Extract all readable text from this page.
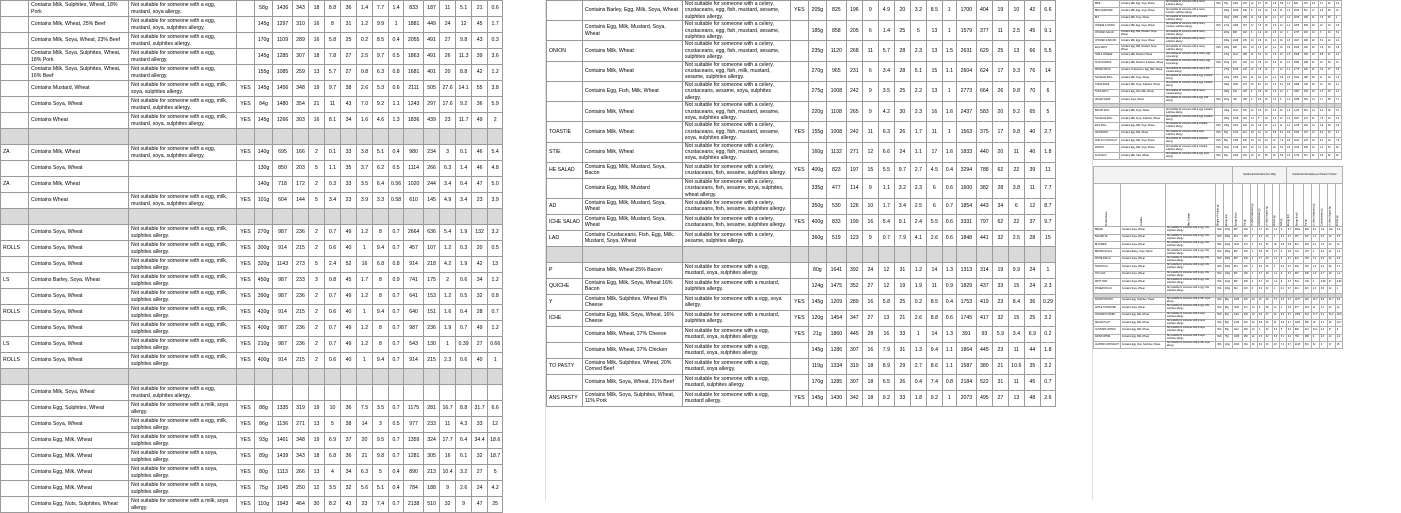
	Contains Milk, Sulphites, Wheat, 18% Pork	Not suitable for someone with a egg, mustard, soya allergy.		58g	1436	343	18	8.8	36	1.4	7.7	1.4	833	187	11	5.1	21	0.6
	Contains Milk, Wheat, 25% Beef	Not suitable for someone with a egg, mustard, soya, sulphites allergy.		145g	1297	310	16	8	31	1.2	9.9	1	1881	449	24	12	45	1.7
	Contains Milk, Soya, Wheat, 23% Beef	Not suitable for someone with a egg, mustard, sulphites allergy.		170g	1109	289	16	5.8	25	0.2	8.5	0.4	2055	491	27	9.8	43	0.3
	Contains Milk, Soya, Sulphites, Wheat, 18% Pork	Not suitable for someone with a egg, mustard allergy.		145g	1285	307	18	7.8	27	2.5	9.7	0.5	1863	491	26	11.3	39	3.6
	Contains Milk, Soya, Sulphites, Wheat, 16% Beef	Not suitable for someone with a egg, mustard allergy.		155g	1085	259	13	5.7	27	0.8	6.3	0.8	1681	401	20	8.8	42	1.2
	Contains Mustard, Wheat	Not suitable for someone with a egg, milk, soya, sulphites allergy.	YES	145g	1456	348	19	9.7	38	2.6	5.3	0.6	2111	505	27.6	14.1	55	3.8
	Contains Soya, Wheat	Not suitable for someone with a egg, milk, mustard, sulphites allergy.	YES	84g	1480	354	21	11	43	7.0	9.2	1.1	1243	297	17.6	9.2	36	5.9
	Contains Wheat	Not suitable for someone with a egg, milk, mustard, soya, sulphites allergy.	YES	145g	1266	303	16	8.1	34	1.6	4.6	1.3	1836	439	23	11.7	49	2

ZA	Contains Milk, Wheat	Not suitable for someone with a egg, mustard, soya, sulphites allergy.	YES	140g	695	166	2	0.1	33	3.8	5.1	0.4	980	234	3	0.1	46	5.4
	Contains Soya, Wheat			130g	850	203	5	1.1	35	3.7	6.2	0.5	1114	266	6.3	1.4	46	4.8
ZA	Contains Milk, Wheat			140g	718	172	2	0.3	33	3.5	6.4	0.56	1020	244	3.4	0.4	47	5.0
	Contains Wheat	Not suitable for someone with a egg, milk, mustard, soya, sulphites allergy.	YES	101g	604	144	5	3.4	23	3.9	3.3	0.58	610	145	4.9	3.4	23	3.9

	Contains Soya, Wheat	Not suitable for someone with a egg, milk, sulphites allergy.	YES	270g	987	236	2	0.7	49	1.2	8	0.7	2664	636	5.4	1.9	132	3.2
ROLLS	Contains Soya, Wheat	Not suitable for someone with a egg, milk, sulphites allergy.	YES	300g	914	215	2	0.6	40	1	9.4	0.7	457	107	1.2	0.3	20	0.5
	Contains Soya, Wheat	Not suitable for someone with a egg, milk, sulphites allergy.	YES	320g	1143	273	5	2.4	52	16	6.8	0.8	914	218	4.2	1.9	42	13
LS	Contains Barley, Soya, Wheat	Not suitable for someone with a egg, milk, sulphites allergy.	YES	450g	987	233	3	0.8	45	1.7	8	0.9	741	175	2	0.6	34	1.2
	Contains Soya, Wheat	Not suitable for someone with a egg, milk, sulphites allergy.	YES	390g	987	236	2	0.7	49	1.2	8	0.7	641	153	1.2	0.5	32	0.8
ROLLS	Contains Soya, Wheat	Not suitable for someone with a egg, milk, sulphites allergy.	YES	420g	914	215	2	0.6	40	1	9.4	0.7	640	151	1.6	0.4	28	0.7
	Contains Soya, Wheat	Not suitable for someone with a egg, milk, sulphites allergy.	YES	400g	987	236	2	0.7	49	1.2	8	0.7	987	236	1.9	0.7	49	1.2
LS	Contains Soya, Wheat	Not suitable for someone with a egg, milk, sulphites allergy.	YES	210g	987	236	2	0.7	49	1.2	8	0.7	543	130	1	0.39	27	0.66
ROLLS	Contains Soya, Wheat	Not suitable for someone with a egg, milk, sulphites allergy.	YES	400g	914	215	2	0.6	40	1	9.4	0.7	914	215	2.3	0.6	40	1

	Contains Milk, Soya, Wheat	Not suitable for someone with a egg, mustard, sulphites allergy.																
	Contains Egg, Sulphites, Wheat	Not suitable for someone with a milk, soya allergy.	YES	88g	1335	319	19	10	36	7.5	3.5	0.7	1175	281	16.7	8.8	31.7	6.6
	Contains Soya, Wheat	Not suitable for someone with a egg, milk, sulphites allergy.	YES	86g	1136	271	13	5	38	14	3	0.5	977	233	11	4.3	33	12
	Contains Egg, Milk, Wheat	Not suitable for someone with a soya, sulphites allergy.	YES	93g	1461	348	19	6.9	37	20	9.5	0.7	1359	324	17.7	6.4	34.4	18.6
	Contains Egg, Milk, Wheat	Not suitable for someone with a soya, sulphites allergy.	YES	89g	1439	343	18	6.8	36	21	9.8	0.7	1281	305	16	6.1	32	18.7
	Contains Egg, Milk, Wheat	Not suitable for someone with a soya, sulphites allergy.	YES	80g	1113	266	13	4	34	6.3	5	0.4	890	213	10.4	3.2	27	5
	Contains Egg, Milk, Wheat	Not suitable for someone with a soya, sulphites allergy.	YES	75g	1045	250	12	3.5	32	5.6	5.1	0.4	784	188	9	2.6	24	4.2
	Contains Egg, Nuts, Sulphites, Wheat	Not suitable for someone with a milk, soya allergy.	YES	110g	1943	464	30	8.2	43	23	7.4	0.7	2138	510	32	9	47	25
	Contains Barley, Egg, Milk, Soya, Wheat	Not suitable for someone with a celery, crustaceans, egg, fish, mustard, sesame, sulphites allergy.	YES	205g	825	196	9	4.9	20	3.2	8.5	1	1700	404	19	10	42	6.6
	Contains Egg, Milk, Mustard, Soya, Wheat	Not suitable for someone with a celery, crustaceans, egg, fish, mustard, sesame, sulphites allergy.		185g	858	205	6	1.4	25	5	13	1	1579	377	11	2.5	45	9.1
ONION	Contains Milk, Wheat	Not suitable for someone with a celery, crustaceans, egg, fish, mustard, sesame, sulphites allergy.		235g	1120	268	11	5.7	28	2.3	13	1.5	2631	629	25	13	66	5.5
	Contains Milk, Wheat	Not suitable for someone with a celery, crustaceans, egg, fish, milk, mustard, sesame, sulphites allergy.		270g	965	231	6	3.4	28	5.1	15	1.1	2604	624	17	9.3	76	14
	Contains Egg, Fish, Milk, Wheat	Not suitable for someone with a celery, crustaceans, sesame, soya, sulphites allergy.		275g	1008	242	9	3.5	25	2.2	13	1	2773	664	26	9.8	70	6
	Contains Milk, Wheat	Not suitable for someone with a celery, crustaceans, egg, fish, mustard, sesame, soya, sulphites allergy.		220g	1108	265	9	4.2	30	2.3	16	1.6	2437	583	20	9.2	65	5
TOASTIE	Contains Milk, Wheat	Not suitable for someone with a celery, crustaceans, egg, fish, mustard, sesame, soya, sulphites allergy.	YES	155g	1008	242	11	6.3	26	1.7	11	1	1563	375	17	9.8	40	2.7
STIE	Contains Milk, Wheat	Not suitable for someone with a celery, crustaceans, egg, fish, mustard, sesame, soya, sulphites allergy.		160g	1132	271	12	6.6	24	1.1	17	1.6	1833	440	20	11	40	1.8
HE SALAD	Contains Egg, Milk, Mustard, Soya, Bacon	Not suitable for someone with a celery, crustaceans, fish, sesame, sulphites allergy.	YES	400g	823	197	15	5.5	9.7	2.7	4.5	0.4	3294	788	62	22	39	11
	Contains Egg, Milk, Mustard	Not suitable for someone with a celery, crustaceans, fish, sesame, soya, sulphites, wheat allergy.		335g	477	114	9	1.1	3.2	2.3	6	0.6	1600	382	28	3.8	11	7.7
AD	Contains Egg, Milk, Mustard, Soya, Wheat	Not suitable for someone with a celery, crustaceans, fish, sesame, sulphites allergy.		350g	530	126	10	1.7	3.4	2.5	6	0.7	1854	443	34	6	12	8.7
ICHE SALAD	Contains Egg, Milk, Mustard, Soya, Wheat	Not suitable for someone with a celery, crustaceans, fish, sesame, sulphites allergy.	YES	400g	833	199	16	5.4	9.1	2.4	5.5	0.6	3331	797	62	22	37	9.7
LAD	Contains Crustaceans, Fish, Egg, Milk, Mustard, Soya, Wheat	Not suitable for someone with a celery, sesame, sulphites allergy.		360g	519	123	9	0.7	7.9	4.1	2.6	0.6	1848	441	32	2.5	28	15

P	Contains Milk, Wheat 25% Bacon	Not suitable for someone with a egg, mustard, soya, sulphites allergy.		80g	1641	392	24	12	31	1.2	14	1.3	1313	314	19	9.9	24	1
QUICHE	Contains Egg, Milk, Soya, Wheat 16% Bacon	Not suitable for someone with a mustard, sulphites allergy.		124g	1475	352	27	12	19	1.9	11	0.9	1829	437	33	15	24	2.3
Y	Contains Milk, Sulphites, Wheat 8% Cheese	Not suitable for someone with a egg, soya allergy.	YES	145g	1209	289	16	5.8	25	0.2	8.5	0.4	1753	419	23	8.4	36	0.29
ICHE	Contains Egg, Milk, Soya, Wheat, 16% Cheese	Not suitable for someone with a mustard, sulphites allergy.	YES	120g	1454	347	27	13	21	2.6	8.8	0.6	1745	417	32	15	25	3.2
	Contains Milk, Wheat, 27% Cheese	Not suitable for someone with a egg, mustard, soya, sulphites allergy.	YES	21g	1860	445	28	16	33	1	14	1.3	391	93	5.9	3.4	6.9	0.2
	Contains Milk, Wheat, 27% Chicken	Not suitable for someone with a egg, mustard, soya, sulphites allergy.		145g	1286	307	16	7.9	31	1.3	9.4	1.1	1864	445	23	11	44	1.8
TO PASTY	Contains Milk, Sulphites, Wheat, 20% Corned Beef	Not suitable for someone with a egg, mustard, soya allergy.		119g	1334	319	18	8.9	29	2.7	8.6	1.1	1587	380	21	10.6	35	3.2
	Contains Milk, Soya, Wheat, 21% Beef	Not suitable for someone with a egg, mustard, sulphites allergy.		170g	1285	307	18	6.5	26	0.4	7.4	0.8	2184	522	31	11	45	0.7
ANS PASTY	Contains Milk, Soya, Sulphites, Wheat, 11% Pork	Not suitable for someone with a egg, mustard allergy.	YES	145g	1430	342	18	9.2	33	1.8	9.2	1	2073	495	27	13	48	2.6
BRIE	Contains Milk, Egg, Soya, Wheat	Not suitable for someone with a celery, sulphites allergy.	YES	78g	1061	253	12	4.7	26	2.8	8.8	1.4	828	197	9.4	3.7	20	2.2
BBQ MARINADE	Contains Milk, Egg, Soya, Wheat	Not suitable for someone with a celery, mustard, sulphites allergy.		206g	1046	248	8	2.2	33	4.9	11	1.3	2155	511	17	4.5	68	10
BLT	Contains Milk, Soya, Wheat	Not suitable for someone with a mustard, sulphites allergy.		192g	1081	258	11	3.9	26	2.1	13	1.4	2076	495	21	7.5	50	4
CHEESE & ONION	Contains Milk, Egg, Soya, Wheat	Not suitable for someone with a celery, mustard, sulphites allergy.	YES	172g	1282	307	17	7.3	25	2.6	12	1.4	2205	529	29	13	43	4.5
CHICKEN SALAD	Contains Egg, Milk, Mustard, Soya, Wheat	Not suitable for someone with a celery, sulphites allergy.		215g	808	193	6	1.4	20	2.5	13	1	1737	415	13	3	43	5.4
CHICKEN & BACON	Contains Milk, Egg, Soya, Wheat	Not suitable for someone with a celery, sulphites allergy.		199g	1029	245	10	2.6	21	2.1	16	1.5	2047	488	20	5.2	42	4.2
EGG MAYO	Contains Egg, Milk, Mustard, Soya, Wheat	Not suitable for someone with a celery, sulphites allergy.	YES	182g	906	216	10	1.9	20	2.1	10	0.8	1649	393	18	3.5	36	3.8
HAM & CHEESE	Contains Milk, Mustard, Wheat	Not suitable for someone with a celery, egg, soya allergy.		170g	1121	268	11	5.2	24	1.9	16	1.8	1906	456	19	8.8	41	3.2
PLOUGHMANS	Contains Milk, Mustard, Sulphites, Wheat	Not suitable for someone with a celery, egg, soya allergy.	YES	210g	976	233	10	4.8	24	6.2	11	1.3	2050	489	21	10	50	13
PRAWN MAYO	Contains Crustaceans, Egg, Milk, Wheat	Not suitable for someone with a celery, fish, mustard allergy.		175g	1015	243	12	1.8	21	2	12	1.1	1776	425	21	3.2	37	3.5
SAUSAGE ROLL	Contains Milk, Soya, Wheat	Not suitable for someone with a egg, mustard allergy.		120g	1352	323	21	9.4	24	1.1	9.9	1.5	1622	388	25	11	29	1.3
STEAK BAKE	Contains Milk, Soya, Sulphites, Wheat	Not suitable for someone with a egg, mustard allergy.		160g	1166	279	16	8.1	24	1.3	9.1	0.9	1866	446	26	13	38	2.1
TUNA MAYO	Contains Egg, Fish, Milk, Wheat	Not suitable for someone with a celery, mustard allergy.		180g	943	225	9	1.5	20	2.3	14	1	1697	405	16	2.7	36	4.1
VEGAN WRAP	Contains Soya, Wheat	Not suitable for someone with a egg, milk allergy.	YES	210g	780	186	6	0.8	26	3.4	6	1.2	1638	391	13	1.7	55	7.1

BACON ROLL	Contains Milk, Soya, Wheat	Not suitable for someone with a egg, mustard, sulphites allergy.		130g	1131	270	10	3.8	30	2.4	15	1.9	1470	351	13	4.9	39	3.1
SAUSAGE ROLL	Contains Milk, Soya, Sulphites, Wheat	Not suitable for someone with a egg, mustard allergy.		150g	1218	291	14	5	29	2.2	12	1.6	1827	437	21	7.5	44	3.3
EGG ROLL	Contains Egg, Milk, Soya, Wheat	Not suitable for someone with a mustard, sulphites allergy.	YES	135g	1021	244	10	2.9	27	2.1	11	1.2	1378	329	14	3.9	36	2.8
CROISSANT	Contains Egg, Milk, Wheat	Not suitable for someone with a soya, sulphites allergy.	YES	60g	1720	412	23	14	42	6.8	8.1	0.9	1032	247	14	8.4	25	4.1
PAIN AU CHOCOLAT	Contains Egg, Milk, Soya, Wheat	Not suitable for someone with a sulphites allergy.	YES	65g	1788	428	24	14	44	12	7.9	0.8	1162	278	16	9.1	29	7.8
MUFFIN	Contains Egg, Milk, Soya, Wheat	Not suitable for someone with a mustard, sulphites allergy.	YES	110g	1739	416	22	3.1	49	29	5.3	0.8	1913	458	24	3.4	54	32
FLAPJACK	Contains Milk, Oats, Wheat	Not suitable for someone with a egg, soya allergy.	YES	90g	1936	463	23	11	58	32	5.6	0.3	1742	417	21	9.9	52	29
					Nutritional Information Per 100g							Nutritional Information per Product / Portion						

Product Name	Contains	May Contain	Weight of Product (g)	Energy (kJ)	Energy (kcal)	Fat (g)	of which Saturates (g)	Carbohydrate (g)	of which Sugars (g)	Protein (g)	Salt (g)	Energy (kJ)	Energy (kcal)	Fat (g)	of which Saturates (g)	Carbohydrate (g)	of which Sugars (g)	Protein (g)
BREAD	Contains Soya, Wheat	Not suitable for someone with a egg, milk, sulphites allergy.	YES	270g	987	236	2	0.7	49	1.2	8	0.7	2664	636	5.4	1.9	132	3.2
BAGUETTE	Contains Soya, Wheat	Not suitable for someone with a egg, milk, sulphites allergy.	YES	300g	914	215	2	0.6	40	1	9.4	0.7	457	107	1.2	0.3	20	0.5
BLOOMER	Contains Soya, Wheat	Not suitable for someone with a egg, milk, sulphites allergy.	YES	320g	1143	273	5	2.4	52	16	6.8	0.8	914	218	4.2	1.9	42	13
BROWN ROLLS	Contains Barley, Soya, Wheat	Not suitable for someone with a egg, milk, sulphites allergy.	YES	450g	987	233	3	0.8	45	1.7	8	0.9	741	175	2	0.6	34	1.2
WHITE ROLLS	Contains Soya, Wheat	Not suitable for someone with a egg, milk, sulphites allergy.	YES	390g	987	236	2	0.7	49	1.2	8	0.7	641	153	1.2	0.5	32	0.8
SUB ROLLS	Contains Soya, Wheat	Not suitable for someone with a egg, milk, sulphites allergy.	YES	420g	914	215	2	0.6	40	1	9.4	0.7	640	151	1.6	0.4	28	0.7
TIN LOAF	Contains Soya, Wheat	Not suitable for someone with a egg, milk, sulphites allergy.	YES	400g	987	236	2	0.7	49	1.2	8	0.7	987	236	1.9	0.7	49	1.2
PETIT PAIN	Contains Soya, Wheat	Not suitable for someone with a egg, milk, sulphites allergy.	YES	210g	987	236	2	0.7	49	1.2	8	0.7	543	130	1	0.39	27	0.66
FINGER ROLLS	Contains Soya, Wheat	Not suitable for someone with a egg, milk, sulphites allergy.	YES	400g	914	215	2	0.6	40	1	9.4	0.7	914	215	2.3	0.6	40	1

DANISH PASTRY	Contains Egg, Sulphites, Wheat	Not suitable for someone with a milk, soya allergy.	YES	88g	1335	319	19	10	36	7.5	3.5	0.7	1175	281	16.7	8.8	31.7	6.6
APPLE TURNOVER	Contains Soya, Wheat	Not suitable for someone with a egg, milk, sulphites allergy.	YES	86g	1136	271	13	5	38	14	3	0.5	977	233	11	4.3	33	12
CINNAMON SWIRL	Contains Egg, Milk, Wheat	Not suitable for someone with a soya, sulphites allergy.	YES	93g	1461	348	19	6.9	37	20	9.5	0.7	1359	324	17.7	6.4	34.4	18.6
PECAN PLAIT	Contains Egg, Milk, Wheat	Not suitable for someone with a soya, sulphites allergy.	YES	89g	1439	343	18	6.8	36	21	9.8	0.7	1281	305	16	6.1	32	18.7
CUSTARD CROWN	Contains Egg, Milk, Wheat	Not suitable for someone with a soya, sulphites allergy.	YES	80g	1113	266	13	4	34	6.3	5	0.4	890	213	10.4	3.2	27	5
RAISIN WHIRL	Contains Egg, Milk, Wheat	Not suitable for someone with a soya, sulphites allergy.	YES	75g	1045	250	12	3.5	32	5.6	5.1	0.4	784	188	9	2.6	24	4.2
ALMOND CROISSANT	Contains Egg, Nuts, Sulphites, Wheat	Not suitable for someone with a milk, soya allergy.	YES	110g	1943	464	30	8.2	43	23	7.4	0.7	2138	510	32	9	47	25
